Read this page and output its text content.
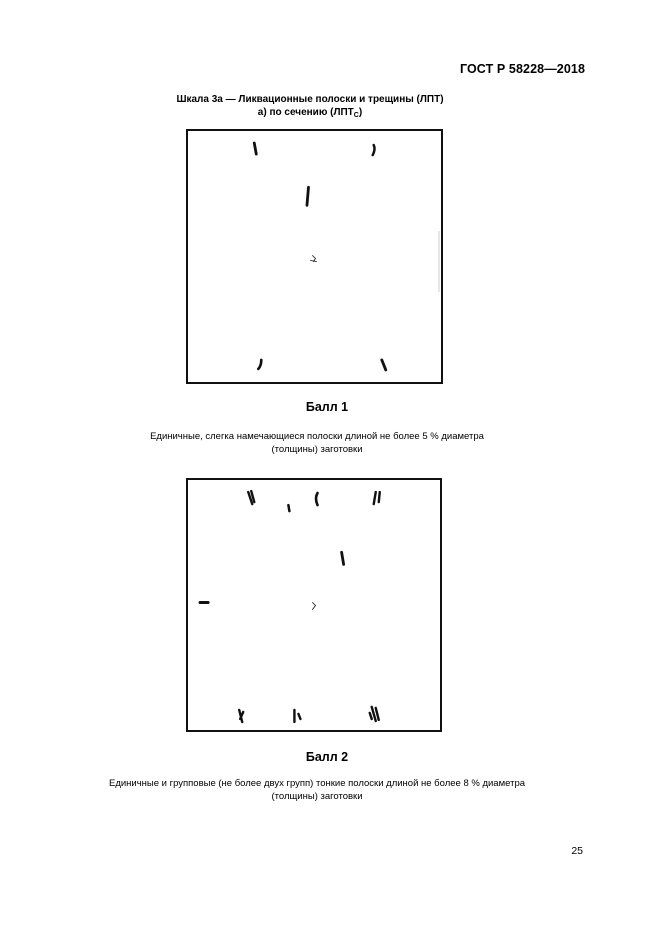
ГОСТ Р 58228—2018
Шкала 3а — Ликвационные полоски и трещины (ЛПТ)
а) по сечению $(ЛПТ_С)$
Балл 1
Единичные, слегка намечающиеся полоски длиной не более 5 % диаметра
(толщины) заготовки
Балл 2
Единичные и групповые (не более двух групп) тонкие полоски длиной не более 8 % диаметра
(толщины) заготовки
25
